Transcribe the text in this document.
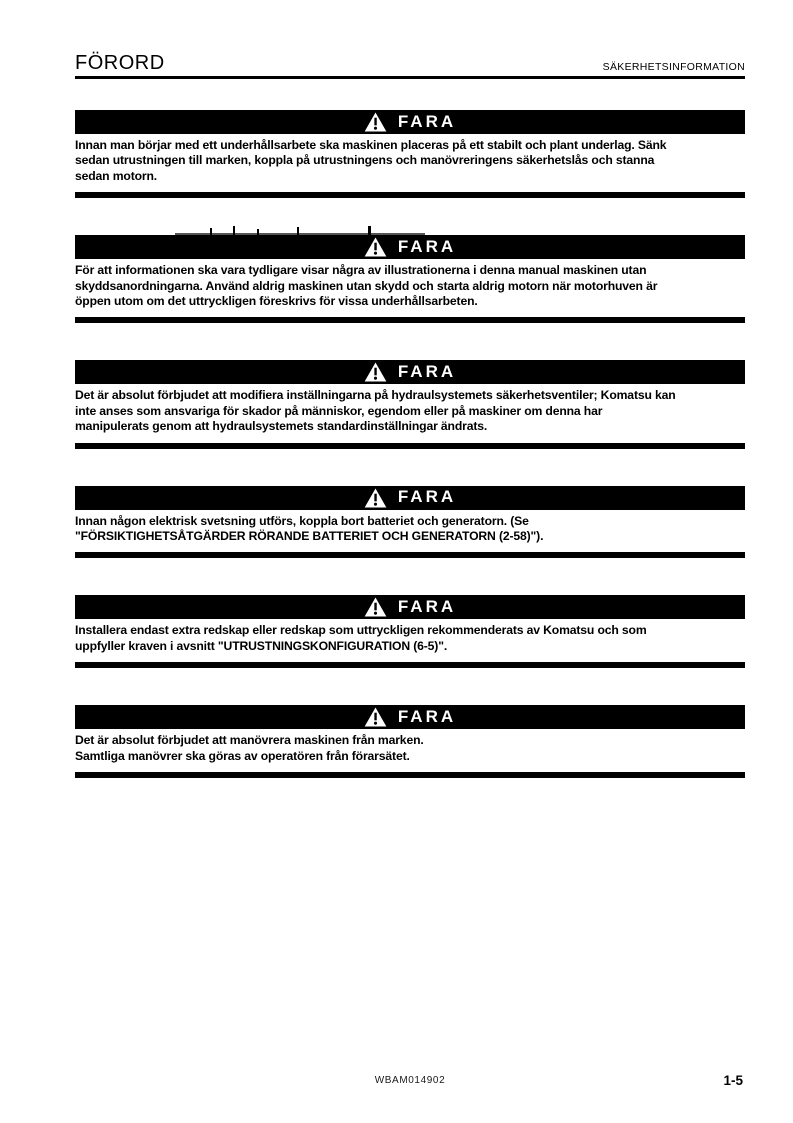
FÖRORD	SÄKERHETSINFORMATION
FARA
Innan man börjar med ett underhållsarbete ska maskinen placeras på ett stabilt och plant underlag. Sänk
sedan utrustningen till marken, koppla på utrustningens och manövreringens säkerhetslås och stanna
sedan motorn.
FARA
För att informationen ska vara tydligare visar några av illustrationerna i denna manual maskinen utan
skyddsanordningarna. Använd aldrig maskinen utan skydd och starta aldrig motorn när motorhuven är
öppen utom om det uttryckligen föreskrivs för vissa underhållsarbeten.
FARA
Det är absolut förbjudet att modifiera inställningarna på hydraulsystemets säkerhetsventiler; Komatsu kan
inte anses som ansvariga för skador på människor, egendom eller på maskiner om denna har
manipulerats genom att hydraulsystemets standardinställningar ändrats.
FARA
Innan någon elektrisk svetsning utförs, koppla bort batteriet och generatorn. (Se
"FÖRSIKTIGHETSÅTGÄRDER RÖRANDE BATTERIET OCH GENERATORN (2-58)").
FARA
Installera endast extra redskap eller redskap som uttryckligen rekommenderats av Komatsu och som
uppfyller kraven i avsnitt "UTRUSTNINGSKONFIGURATION (6-5)".
FARA
Det är absolut förbjudet att manövrera maskinen från marken.
Samtliga manövrer ska göras av operatören från förarsätet.
WBAM014902	1-5
